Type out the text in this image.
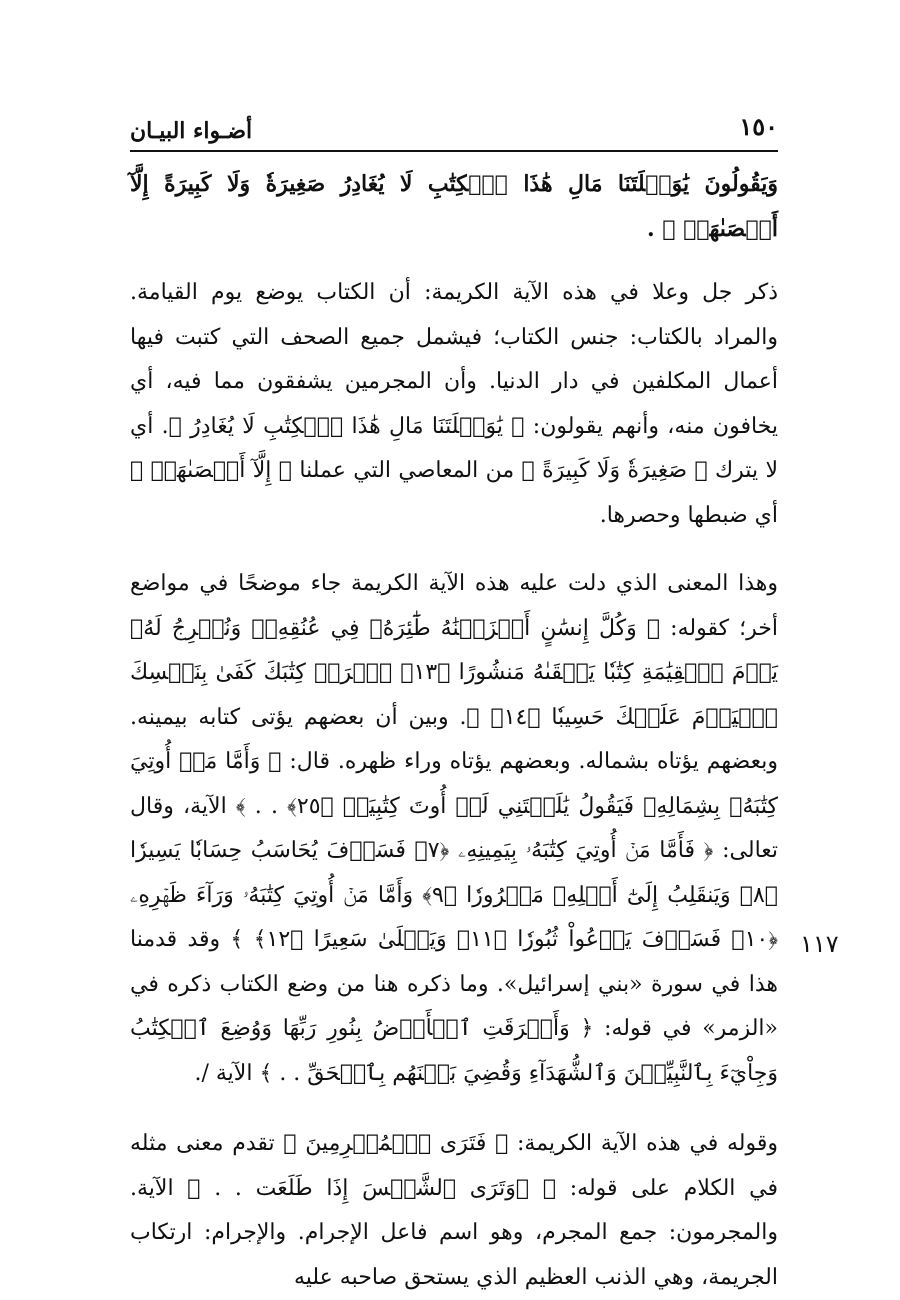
١٥٠
أضـواء البيـان

وَيَقُولُونَ يَٰوَيۡلَتَنَا مَالِ هَٰذَا ٱلۡكِتَٰبِ لَا يُغَادِرُ صَغِيرَةٗ وَلَا كَبِيرَةً إِلَّآ أَحۡصَىٰهَاۚ ﴾ .

ذكر جل وعلا في هذه الآية الكريمة: أن الكتاب يوضع يوم القيامة. والمراد بالكتاب: جنس الكتاب؛ فيشمل جميع الصحف التي كتبت فيها أعمال المكلفين في دار الدنيا. وأن المجرمين يشفقون مما فيه، أي يخافون منه، وأنهم يقولون: ﴿ يَٰوَيۡلَتَنَا مَالِ هَٰذَا ٱلۡكِتَٰبِ لَا يُغَادِرُ ﴾. أي لا يترك ﴿ صَغِيرَةٗ وَلَا كَبِيرَةً ﴾ من المعاصي التي عملنا ﴿ إِلَّآ أَحۡصَىٰهَاۚ ﴾ أي ضبطها وحصرها.

وهذا المعنى الذي دلت عليه هذه الآية الكريمة جاء موضحًا في مواضع أخر؛ كقوله: ﴿ وَكُلَّ إِنسَٰنٍ أَلۡزَمۡنَٰهُ طَٰٓئِرَهُۥ فِي عُنُقِهِۦۖ وَنُخۡرِجُ لَهُۥ يَوۡمَ ٱلۡقِيَٰمَةِ كِتَٰبٗا يَلۡقَىٰهُ مَنشُورًا ﴿١٣﴾ ٱقۡرَأۡ كِتَٰبَكَ كَفَىٰ بِنَفۡسِكَ ٱلۡيَوۡمَ عَلَيۡكَ حَسِيبٗا ﴿١٤﴾ ﴾. وبين أن بعضهم يؤتى كتابه بيمينه. وبعضهم يؤتاه بشماله. وبعضهم يؤتاه وراء ظهره. قال: ﴿ وَأَمَّا مَنۡ أُوتِيَ كِتَٰبَهُۥ بِشِمَالِهِۦ فَيَقُولُ يَٰلَيۡتَنِي لَمۡ أُوتَ كِتَٰبِيَهۡ ﴿٢٥﴾ . . ﴾ الآية، وقال تعالى: ﴿ فَأَمَّا مَنۡ أُوتِيَ كِتَٰبَهُۥ بِيَمِينِهِۦ ﴿٧﴾ فَسَوۡفَ يُحَاسَبُ حِسَابٗا يَسِيرٗا ﴿٨﴾ وَيَنقَلِبُ إِلَىٰٓ أَهۡلِهِۦ مَسۡرُورٗا ﴿٩﴾ وَأَمَّا مَنۡ أُوتِيَ كِتَٰبَهُۥ وَرَآءَ ظَهۡرِهِۦ ﴿١٠﴾ فَسَوۡفَ يَدۡعُواْ ثُبُورٗا ﴿١١﴾ وَيَصۡلَىٰ سَعِيرًا ﴿١٢﴾ ﴾ وقد قدمنا هذا في سورة «بني إسرائيل». وما ذكره هنا من وضع الكتاب ذكره في «الزمر» في قوله: ﴿ وَأَشۡرَقَتِ ٱلۡأَرۡضُ بِنُورِ رَبِّهَا وَوُضِعَ ٱلۡكِتَٰبُ وَجِاْيٓءَ بِٱلنَّبِيِّـۧنَ وَٱلشُّهَدَآءِ وَقُضِيَ بَيۡنَهُم بِٱلۡحَقِّ . . ﴾ الآية /.

وقوله في هذه الآية الكريمة: ﴿ فَتَرَى ٱلۡمُجۡرِمِينَ ﴾ تقدم معنى مثله في الكلام على قوله: ﴿ ۞وَتَرَى ٱلشَّمۡسَ إِذَا طَلَعَت . . ﴾ الآية. والمجرمون: جمع المجرم، وهو اسم فاعل الإجرام. والإجرام: ارتكاب الجريمة، وهي الذنب العظيم الذي يستحق صاحبه عليه

١١٧
